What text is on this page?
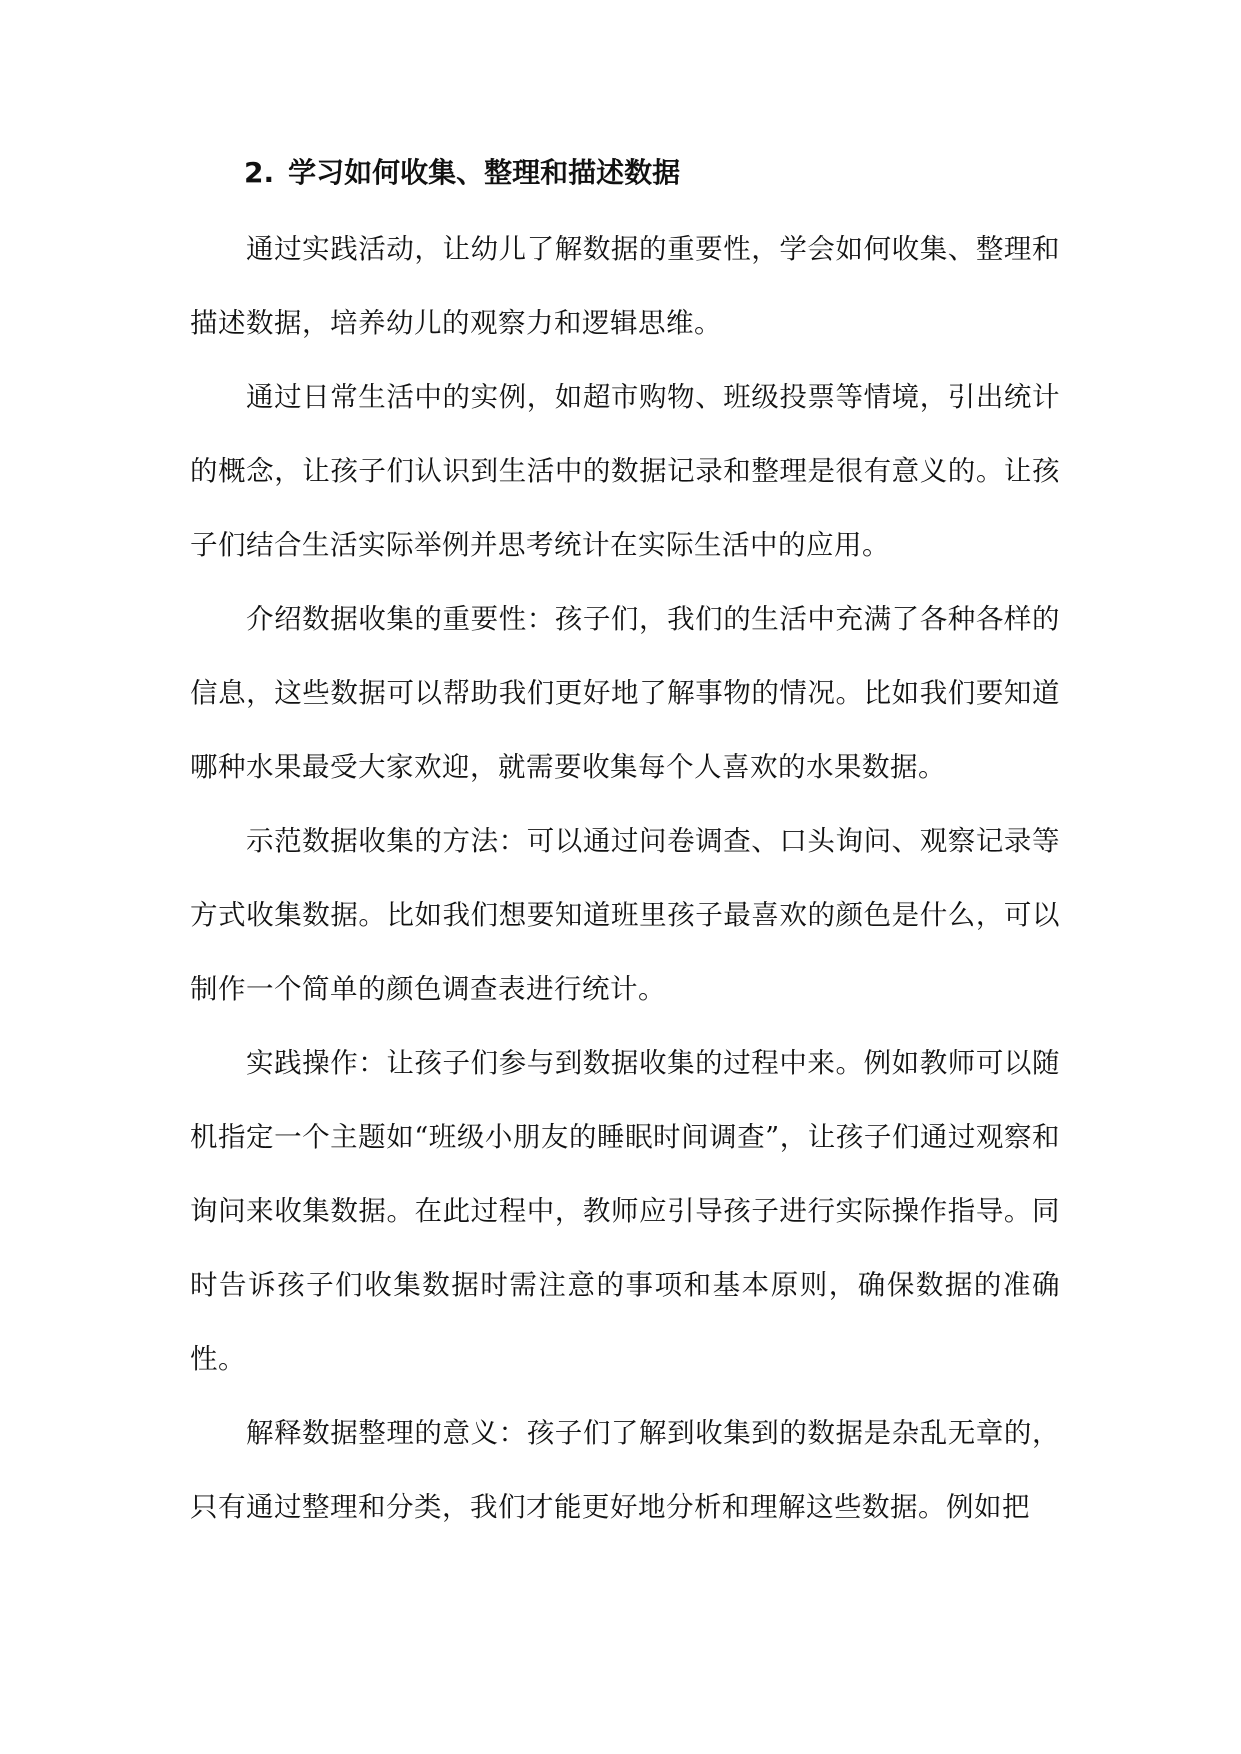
2. 学习如何收集、整理和描述数据

通过实践活动，让幼儿了解数据的重要性，学会如何收集、整理和描述数据，培养幼儿的观察力和逻辑思维。

通过日常生活中的实例，如超市购物、班级投票等情境，引出统计的概念，让孩子们认识到生活中的数据记录和整理是很有意义的。让孩子们结合生活实际举例并思考统计在实际生活中的应用。

介绍数据收集的重要性：孩子们，我们的生活中充满了各种各样的信息，这些数据可以帮助我们更好地了解事物的情况。比如我们要知道哪种水果最受大家欢迎，就需要收集每个人喜欢的水果数据。

示范数据收集的方法：可以通过问卷调查、口头询问、观察记录等方式收集数据。比如我们想要知道班里孩子最喜欢的颜色是什么，可以制作一个简单的颜色调查表进行统计。

实践操作：让孩子们参与到数据收集的过程中来。例如教师可以随机指定一个主题如“班级小朋友的睡眠时间调查”，让孩子们通过观察和询问来收集数据。在此过程中，教师应引导孩子进行实际操作指导。同时告诉孩子们收集数据时需注意的事项和基本原则，确保数据的准确性。

解释数据整理的意义：孩子们了解到收集到的数据是杂乱无章的，只有通过整理和分类，我们才能更好地分析和理解这些数据。例如把
